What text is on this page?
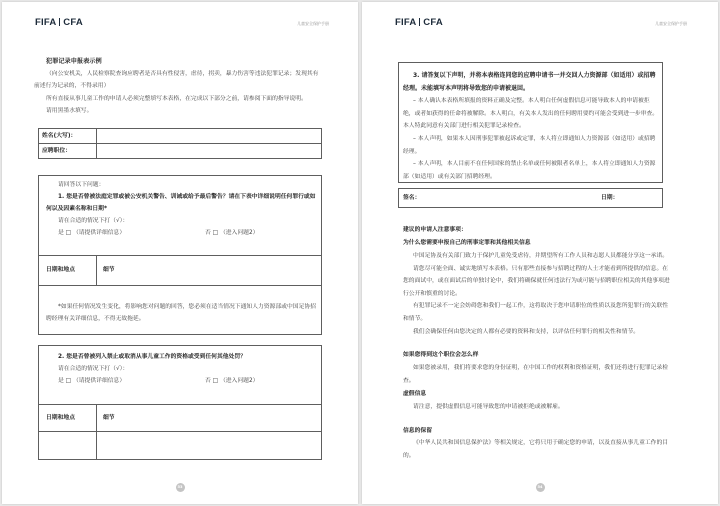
FIFA CFA	儿童安全保护手册
犯罪记录申报表示例

（向公安机关，人民检察院查询应聘者是否具有性侵害，虐待，拐卖，暴力伤害等违法犯罪记录；发现其有前述行为记录的，不得录用）

所有直接从事儿童工作的申请人必须完整填写本表格，在完成以下部分之前，请参阅下面的指导说明。

请用黑墨水填写。

姓名(大写)：
应聘职位：
请回答以下问题：

1. 您是否曾被法庭定罪或被公安机关警告、训诫或给予最后警告？请在下表中详细说明任何罪行或如何以及因素名称和日期*

请在合适的情况下打（√）：
是 □ （请提供详细信息）	否 □ （进入问题2）
日期和地点	细节

*如果任何情况发生变化，将影响您对问题的回答，您必须在适当情况下通知人力资源部或中国足协招聘经理有关详细信息，不得无故拖延。

2. 您是否曾被列入禁止或取消从事儿童工作的资格或受到任何其他处罚？

请在合适的情况下打（√）：
是 □ （请提供详细信息）	否 □ （进入问题2）
日期和地点	细节
53
FIFA CFA	儿童安全保护手册

3. 请答复以下声明，并将本表格连同您的应聘申请书一并交回人力资源部（如适用）或招聘经理。未能填写本声明将导致您的申请被退回。

– 本人确认本表格所填报的资料正确及完整。本人明白任何虚假信息可能导致本人的申请被拒绝，或者如获得的任命将被解除。本人明白，有关本人发出的任何聘用要约可能会受到进一步审查。本人特此同意有关部门进行相关犯罪记录检查。

– 本人声明，如果本人因刑事犯罪被起诉或定罪，本人将立即通知人力资源部（如适用）或招聘经理。

– 本人声明，本人目前不在任何国家的禁止名单或任何被限者名单上，本人将立即通知人力资源部（如适用）或有关部门招聘经理。

签名：	日期：
建议的申请人注意事项：
为什么您需要申报自己的刑事定罪和其他相关信息

中国足协及有关部门致力于保护儿童免受虐待，并期望所有工作人员和志愿人员都能分享这一承诺。

请您尽可能全面、诚实地填写本表格。只有那些直接参与招聘过程的人士才能看到所提供的信息。在您的面试中，或在面试后的单独讨论中，我们将确保就任何违法行为或可能与招聘职位相关的其他事项进行公开和慎重的讨论。

有犯罪记录不一定会妨碍您和我们一起工作，这将取决于您申请职位的性质以及您所犯罪行的关联性和情节。

我们会确保任何由您决定的人都有必要的资料和支持，以评估任何罪行的相关性和情节。

如果您得到这个职位会怎么样

如果您被录用，我们将要求您的身份证明，在中国工作的权利和资格证明，我们还将进行犯罪记录检查。

虚假信息

请注意，提供虚假信息可能导致您的申请被拒绝或被解雇。

信息的保留

《中华人民共和国信息保护法》等相关规定，它将只用于确定您的申请，以及直接从事儿童工作的目的。

54
